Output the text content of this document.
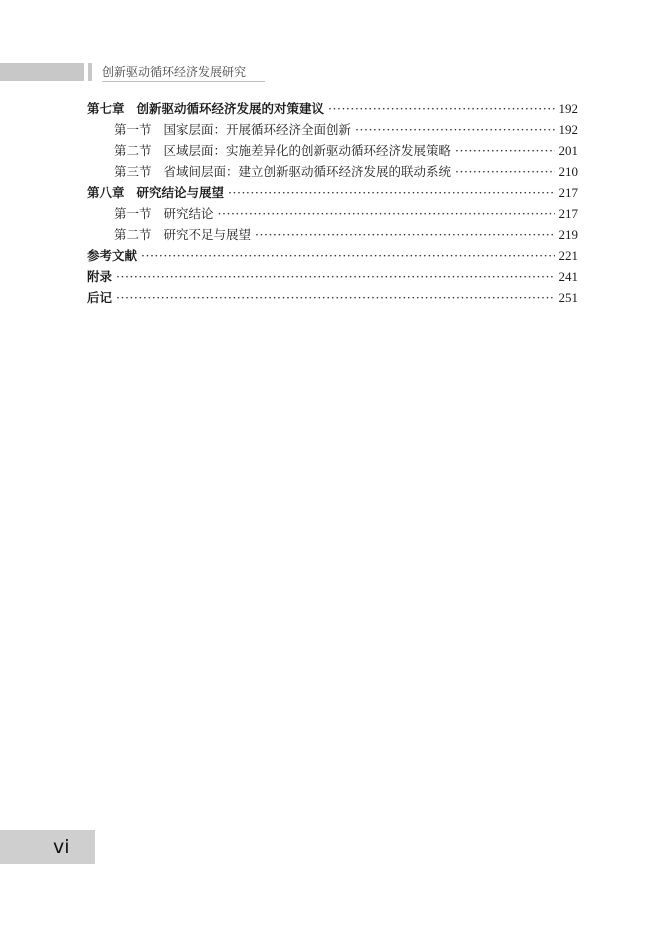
创新驱动循环经济发展研究
第七章 创新驱动循环经济发展的对策建议 ·····	192
第一节 国家层面：开展循环经济全面创新 ·····	192
第二节 区域层面：实施差异化的创新驱动循环经济发展策略 ·····	201
第三节 省域间层面：建立创新驱动循环经济发展的联动系统 ·····	210
第八章 研究结论与展望 ·····	217
第一节 研究结论 ·····	217
第二节 研究不足与展望 ·····	219
参考文献 ·····	221
附录 ·····	241
后记 ·····	251
vi
